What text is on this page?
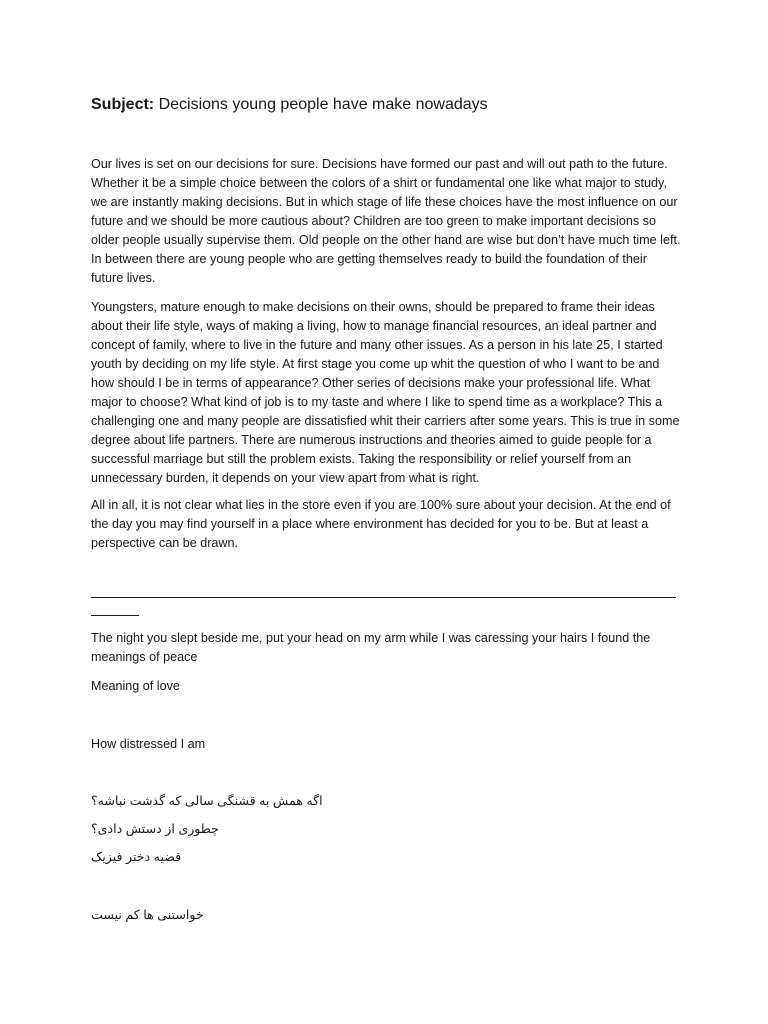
Subject: Decisions young people have make nowadays

Our lives is set on our decisions for sure. Decisions have formed our past and will out path to the future. Whether it be a simple choice between the colors of a shirt or fundamental one like what major to study, we are instantly making decisions. But in which stage of life these choices have the most influence on our future and we should be more cautious about? Children are too green to make important decisions so older people usually supervise them. Old people on the other hand are wise but don’t have much time left. In between there are young people who are getting themselves ready to build the foundation of their future lives.

Youngsters, mature enough to make decisions on their owns, should be prepared to frame their ideas about their life style, ways of making a living, how to manage financial resources, an ideal partner and concept of family, where to live in the future and many other issues. As a person in his late 25, I started youth by deciding on my life style. At first stage you come up whit the question of who I want to be and how should I be in terms of appearance? Other series of decisions make your professional life. What major to choose? What kind of job is to my taste and where I like to spend time as a workplace? This a challenging one and many people are dissatisfied whit their carriers after some years. This is true in some degree about life partners. There are numerous instructions and theories aimed to guide people for a successful marriage but still the problem exists. Taking the responsibility or relief yourself from an unnecessary burden, it depends on your view apart from what is right.

All in all, it is not clear what lies in the store even if you are 100% sure about your decision. At the end of the day you may find yourself in a place where environment has decided for you to be. But at least a perspective can be drawn.

The night you slept beside me, put your head on my arm while I was caressing your hairs I found the meanings of peace

Meaning of love

How distressed I am

اگه همش به قشنگی سالی که گذشت نباشه؟
چطوری از دستش دادی؟
قضیه دختر فیزیک
خواستنی ها کم نیست
